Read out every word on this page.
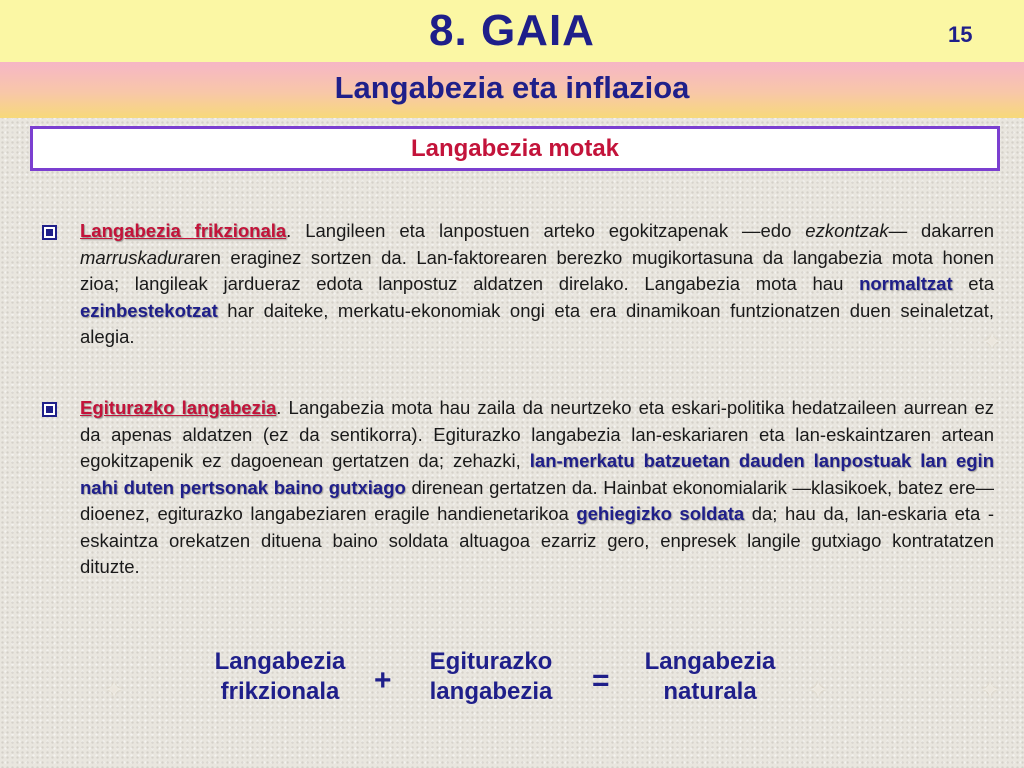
8. GAIA	15
Langabezia eta inflazioa
Langabezia motak
Langabezia frikzionala. Langileen eta lanpostuen arteko egokitzapenak —edo ezkontzak— dakarren marruskaduraren eraginez sortzen da. Lan-faktorearen berezko mugikortasuna da langabezia mota honen zioa; langileak jardueraz edota lanpostuz aldatzen direlako. Langabezia mota hau normaltzat eta ezinbestekotzat har daiteke, merkatu-ekonomiak ongi eta era dinamikoan funtzionatzen duen seinaletzat, alegia.
Egiturazko langabezia. Langabezia mota hau zaila da neurtzeko eta eskari-politika hedatzaileen aurrean ez da apenas aldatzen (ez da sentikorra). Egiturazko langabezia lan-eskariaren eta lan-eskaintzaren artean egokitzapenik ez dagoenean gertatzen da; zehazki, lan-merkatu batzuetan dauden lanpostuak lan egin nahi duten pertsonak baino gutxiago direnean gertatzen da. Hainbat ekonomialarik —klasikoek, batez ere— dioenez, egiturazko langabeziaren eragile handienetarikoa gehiegizko soldata da; hau da, lan-eskaria eta -eskaintza orekatzen dituena baino soldata altuagoa ezarriz gero, enpresek langile gutxiago kontratatzen dituzte.
Langabezia
frikzionala	+
Egiturazko
langabezia	=
Langabezia
naturala
✦
✦	✦	✦
